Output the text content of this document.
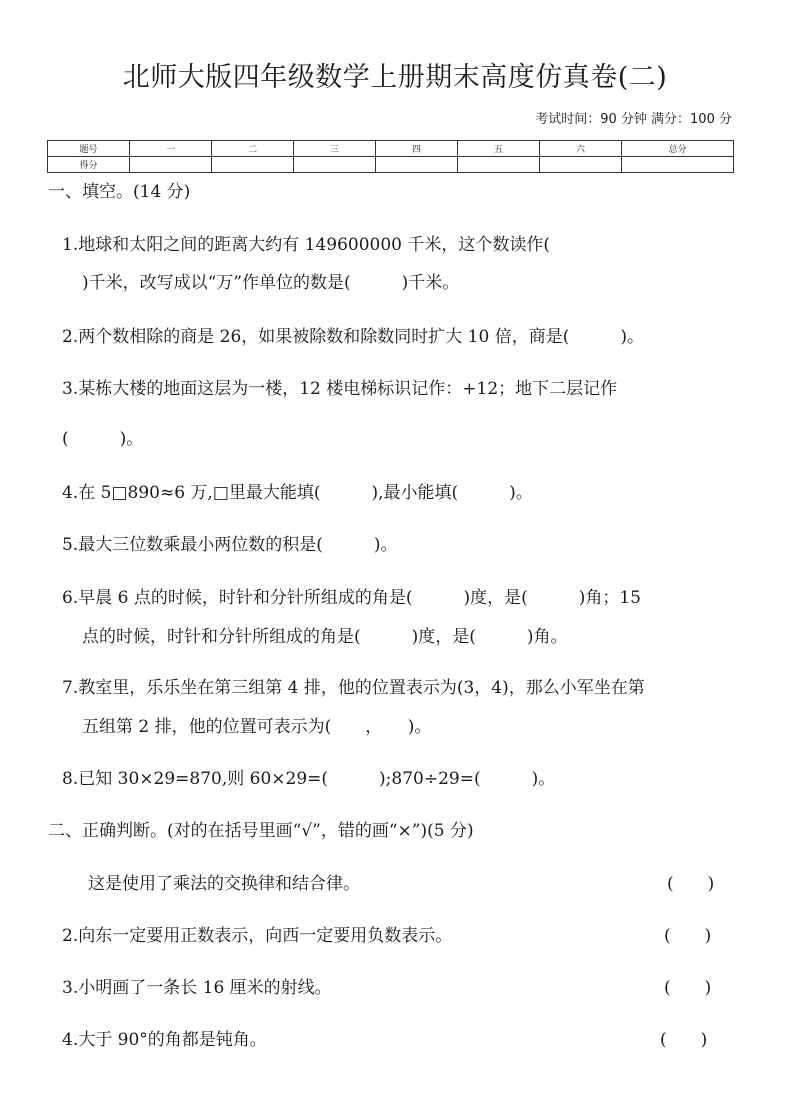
北师大版四年级数学上册期末高度仿真卷(二)
考试时间：90 分钟 满分：100 分
题号	一	二	三	四	五	六	总分
得分							
一、填空。(14 分)
1.地球和太阳之间的距离大约有 149600000 千米，这个数读作(
)千米，改写成以“万”作单位的数是(　　　)千米。
2.两个数相除的商是 26，如果被除数和除数同时扩大 10 倍，商是(　　　)。
3.某栋大楼的地面这层为一楼，12 楼电梯标识记作：+12；地下二层记作
(　　　)。
4.在 5□890≈6 万,□里最大能填(　　　),最小能填(　　　)。
5.最大三位数乘最小两位数的积是(　　　)。
6.早晨 6 点的时候，时针和分针所组成的角是(　　　)度，是(　　　)角；15
点的时候，时针和分针所组成的角是(　　　)度，是(　　　)角。
7.教室里，乐乐坐在第三组第 4 排，他的位置表示为(3，4)，那么小军坐在第
五组第 2 排，他的位置可表示为(　　，　　)。
8.已知 30×29=870,则 60×29=(　　　);870÷29=(　　　)。
二、正确判断。(对的在括号里画“√”，错的画“×”)(5 分)
这是使用了乘法的交换律和结合律。	(　　)
2.向东一定要用正数表示，向西一定要用负数表示。	(　　)
3.小明画了一条长 16 厘米的射线。	(　　)
4.大于 90°的角都是钝角。	(　　)
